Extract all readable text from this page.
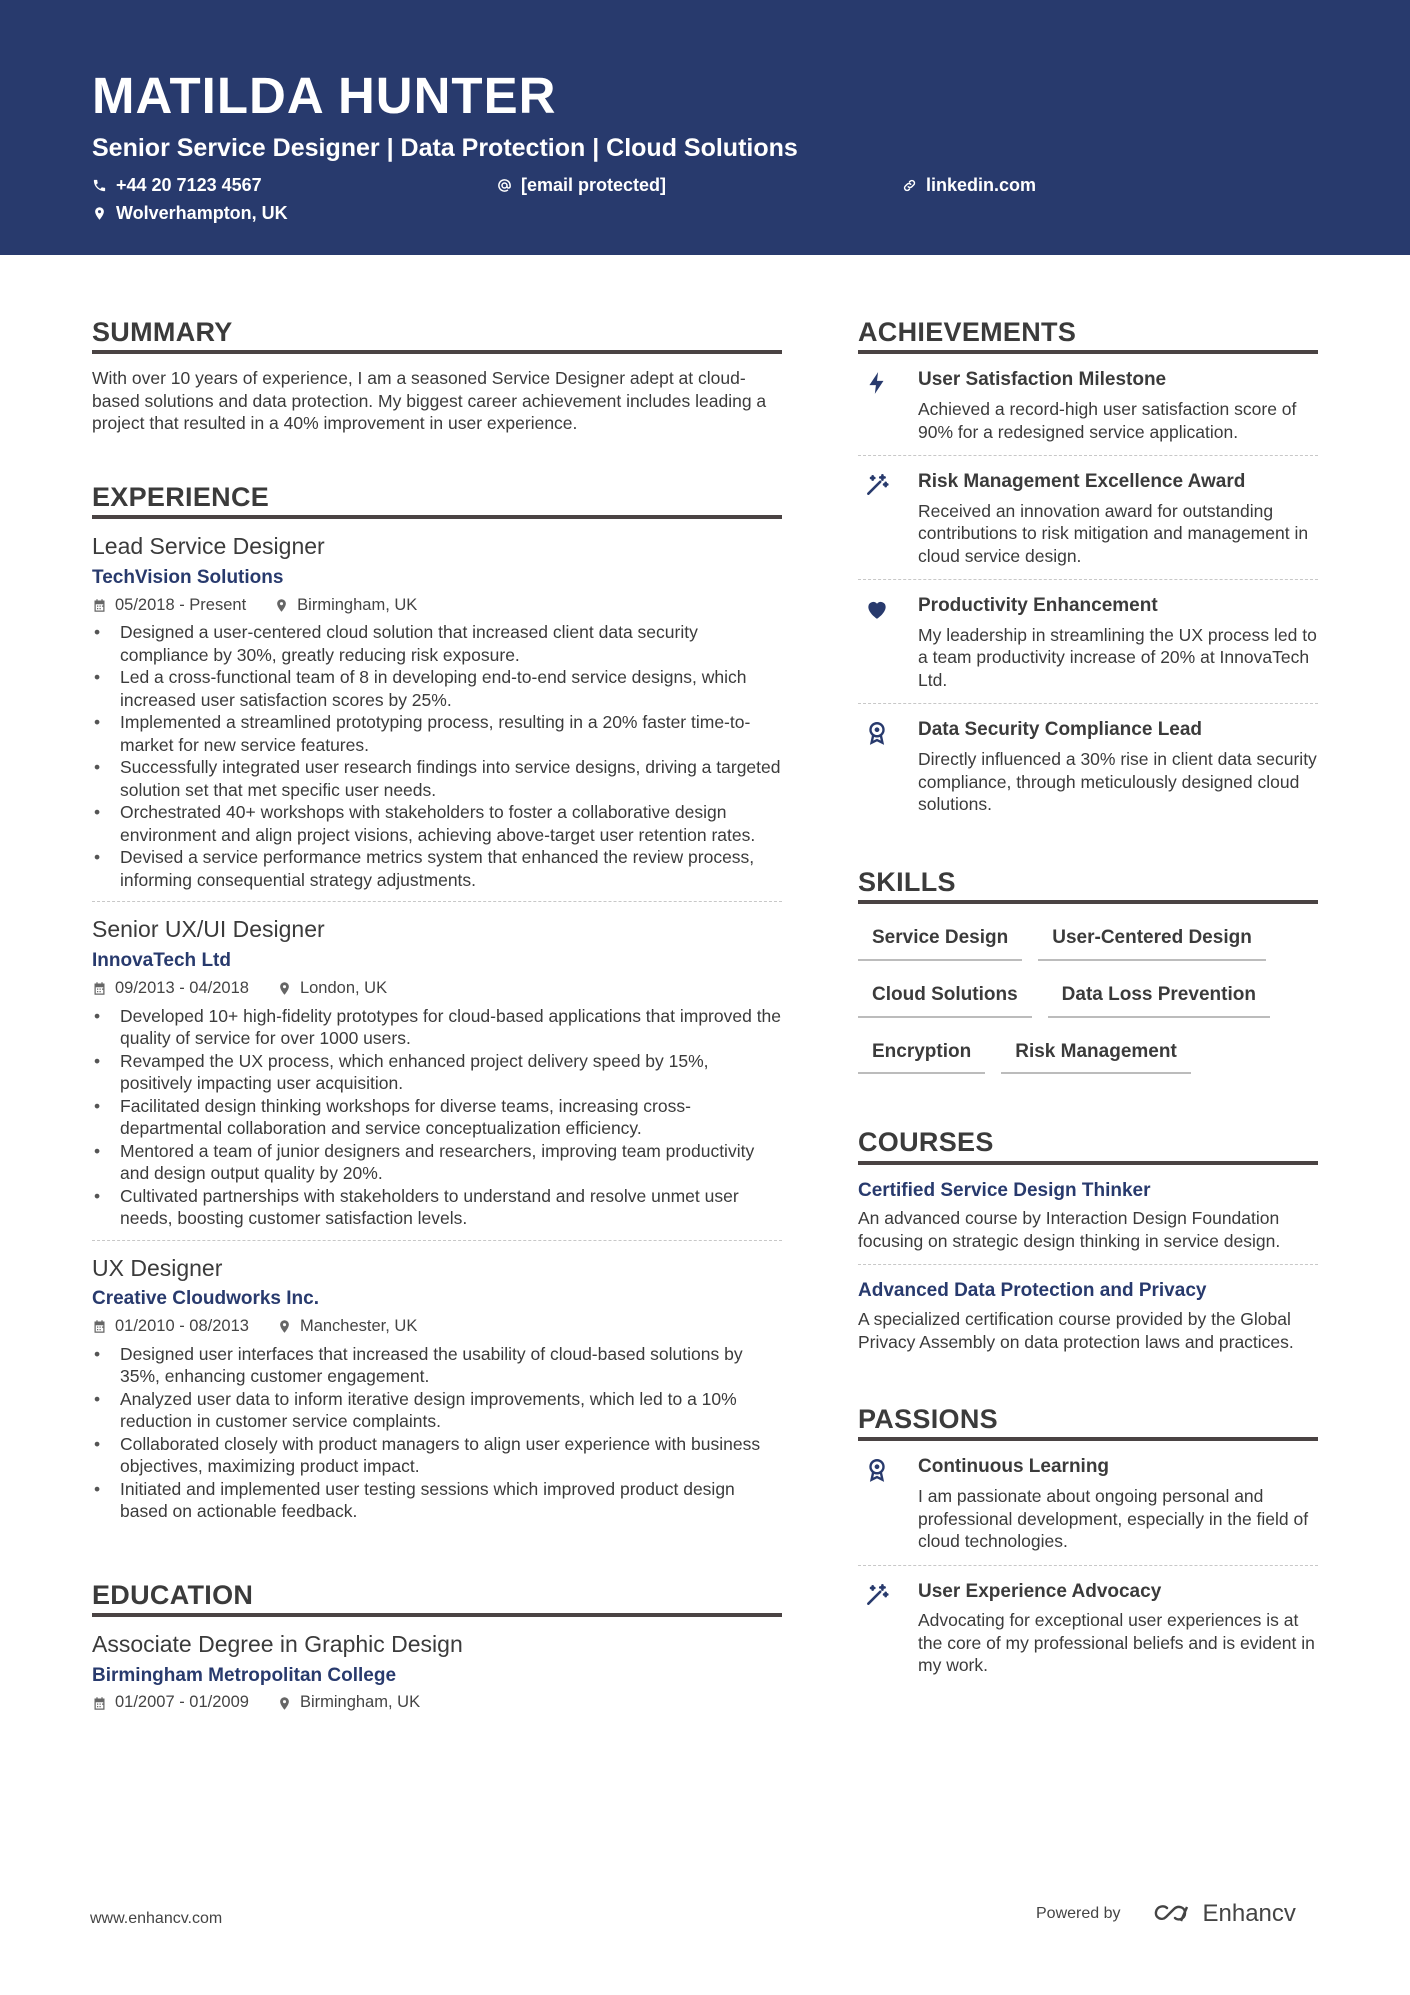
MATILDA HUNTER
Senior Service Designer | Data Protection | Cloud Solutions
+44 20 7123 4567	[email protected]	linkedin.com
Wolverhampton, UK
SUMMARY
With over 10 years of experience, I am a seasoned Service Designer adept at cloud-based solutions and data protection. My biggest career achievement includes leading a project that resulted in a 40% improvement in user experience.
EXPERIENCE
Lead Service Designer
TechVision Solutions
05/2018 - Present	Birmingham, UK
• Designed a user-centered cloud solution that increased client data security compliance by 30%, greatly reducing risk exposure.
• Led a cross-functional team of 8 in developing end-to-end service designs, which increased user satisfaction scores by 25%.
• Implemented a streamlined prototyping process, resulting in a 20% faster time-to-market for new service features.
• Successfully integrated user research findings into service designs, driving a targeted solution set that met specific user needs.
• Orchestrated 40+ workshops with stakeholders to foster a collaborative design environment and align project visions, achieving above-target user retention rates.
• Devised a service performance metrics system that enhanced the review process, informing consequential strategy adjustments.
Senior UX/UI Designer
InnovaTech Ltd
09/2013 - 04/2018	London, UK
• Developed 10+ high-fidelity prototypes for cloud-based applications that improved the quality of service for over 1000 users.
• Revamped the UX process, which enhanced project delivery speed by 15%, positively impacting user acquisition.
• Facilitated design thinking workshops for diverse teams, increasing cross-departmental collaboration and service conceptualization efficiency.
• Mentored a team of junior designers and researchers, improving team productivity and design output quality by 20%.
• Cultivated partnerships with stakeholders to understand and resolve unmet user needs, boosting customer satisfaction levels.
UX Designer
Creative Cloudworks Inc.
01/2010 - 08/2013	Manchester, UK
• Designed user interfaces that increased the usability of cloud-based solutions by 35%, enhancing customer engagement.
• Analyzed user data to inform iterative design improvements, which led to a 10% reduction in customer service complaints.
• Collaborated closely with product managers to align user experience with business objectives, maximizing product impact.
• Initiated and implemented user testing sessions which improved product design based on actionable feedback.
EDUCATION
Associate Degree in Graphic Design
Birmingham Metropolitan College
01/2007 - 01/2009	Birmingham, UK
ACHIEVEMENTS
User Satisfaction Milestone
Achieved a record-high user satisfaction score of 90% for a redesigned service application.
Risk Management Excellence Award
Received an innovation award for outstanding contributions to risk mitigation and management in cloud service design.
Productivity Enhancement
My leadership in streamlining the UX process led to a team productivity increase of 20% at InnovaTech Ltd.
Data Security Compliance Lead
Directly influenced a 30% rise in client data security compliance, through meticulously designed cloud solutions.
SKILLS
Service Design	User-Centered Design
Cloud Solutions	Data Loss Prevention
Encryption	Risk Management
COURSES
Certified Service Design Thinker
An advanced course by Interaction Design Foundation focusing on strategic design thinking in service design.
Advanced Data Protection and Privacy
A specialized certification course provided by the Global Privacy Assembly on data protection laws and practices.
PASSIONS
Continuous Learning
I am passionate about ongoing personal and professional development, especially in the field of cloud technologies.
User Experience Advocacy
Advocating for exceptional user experiences is at the core of my professional beliefs and is evident in my work.
www.enhancv.com	Powered by	Enhancv
